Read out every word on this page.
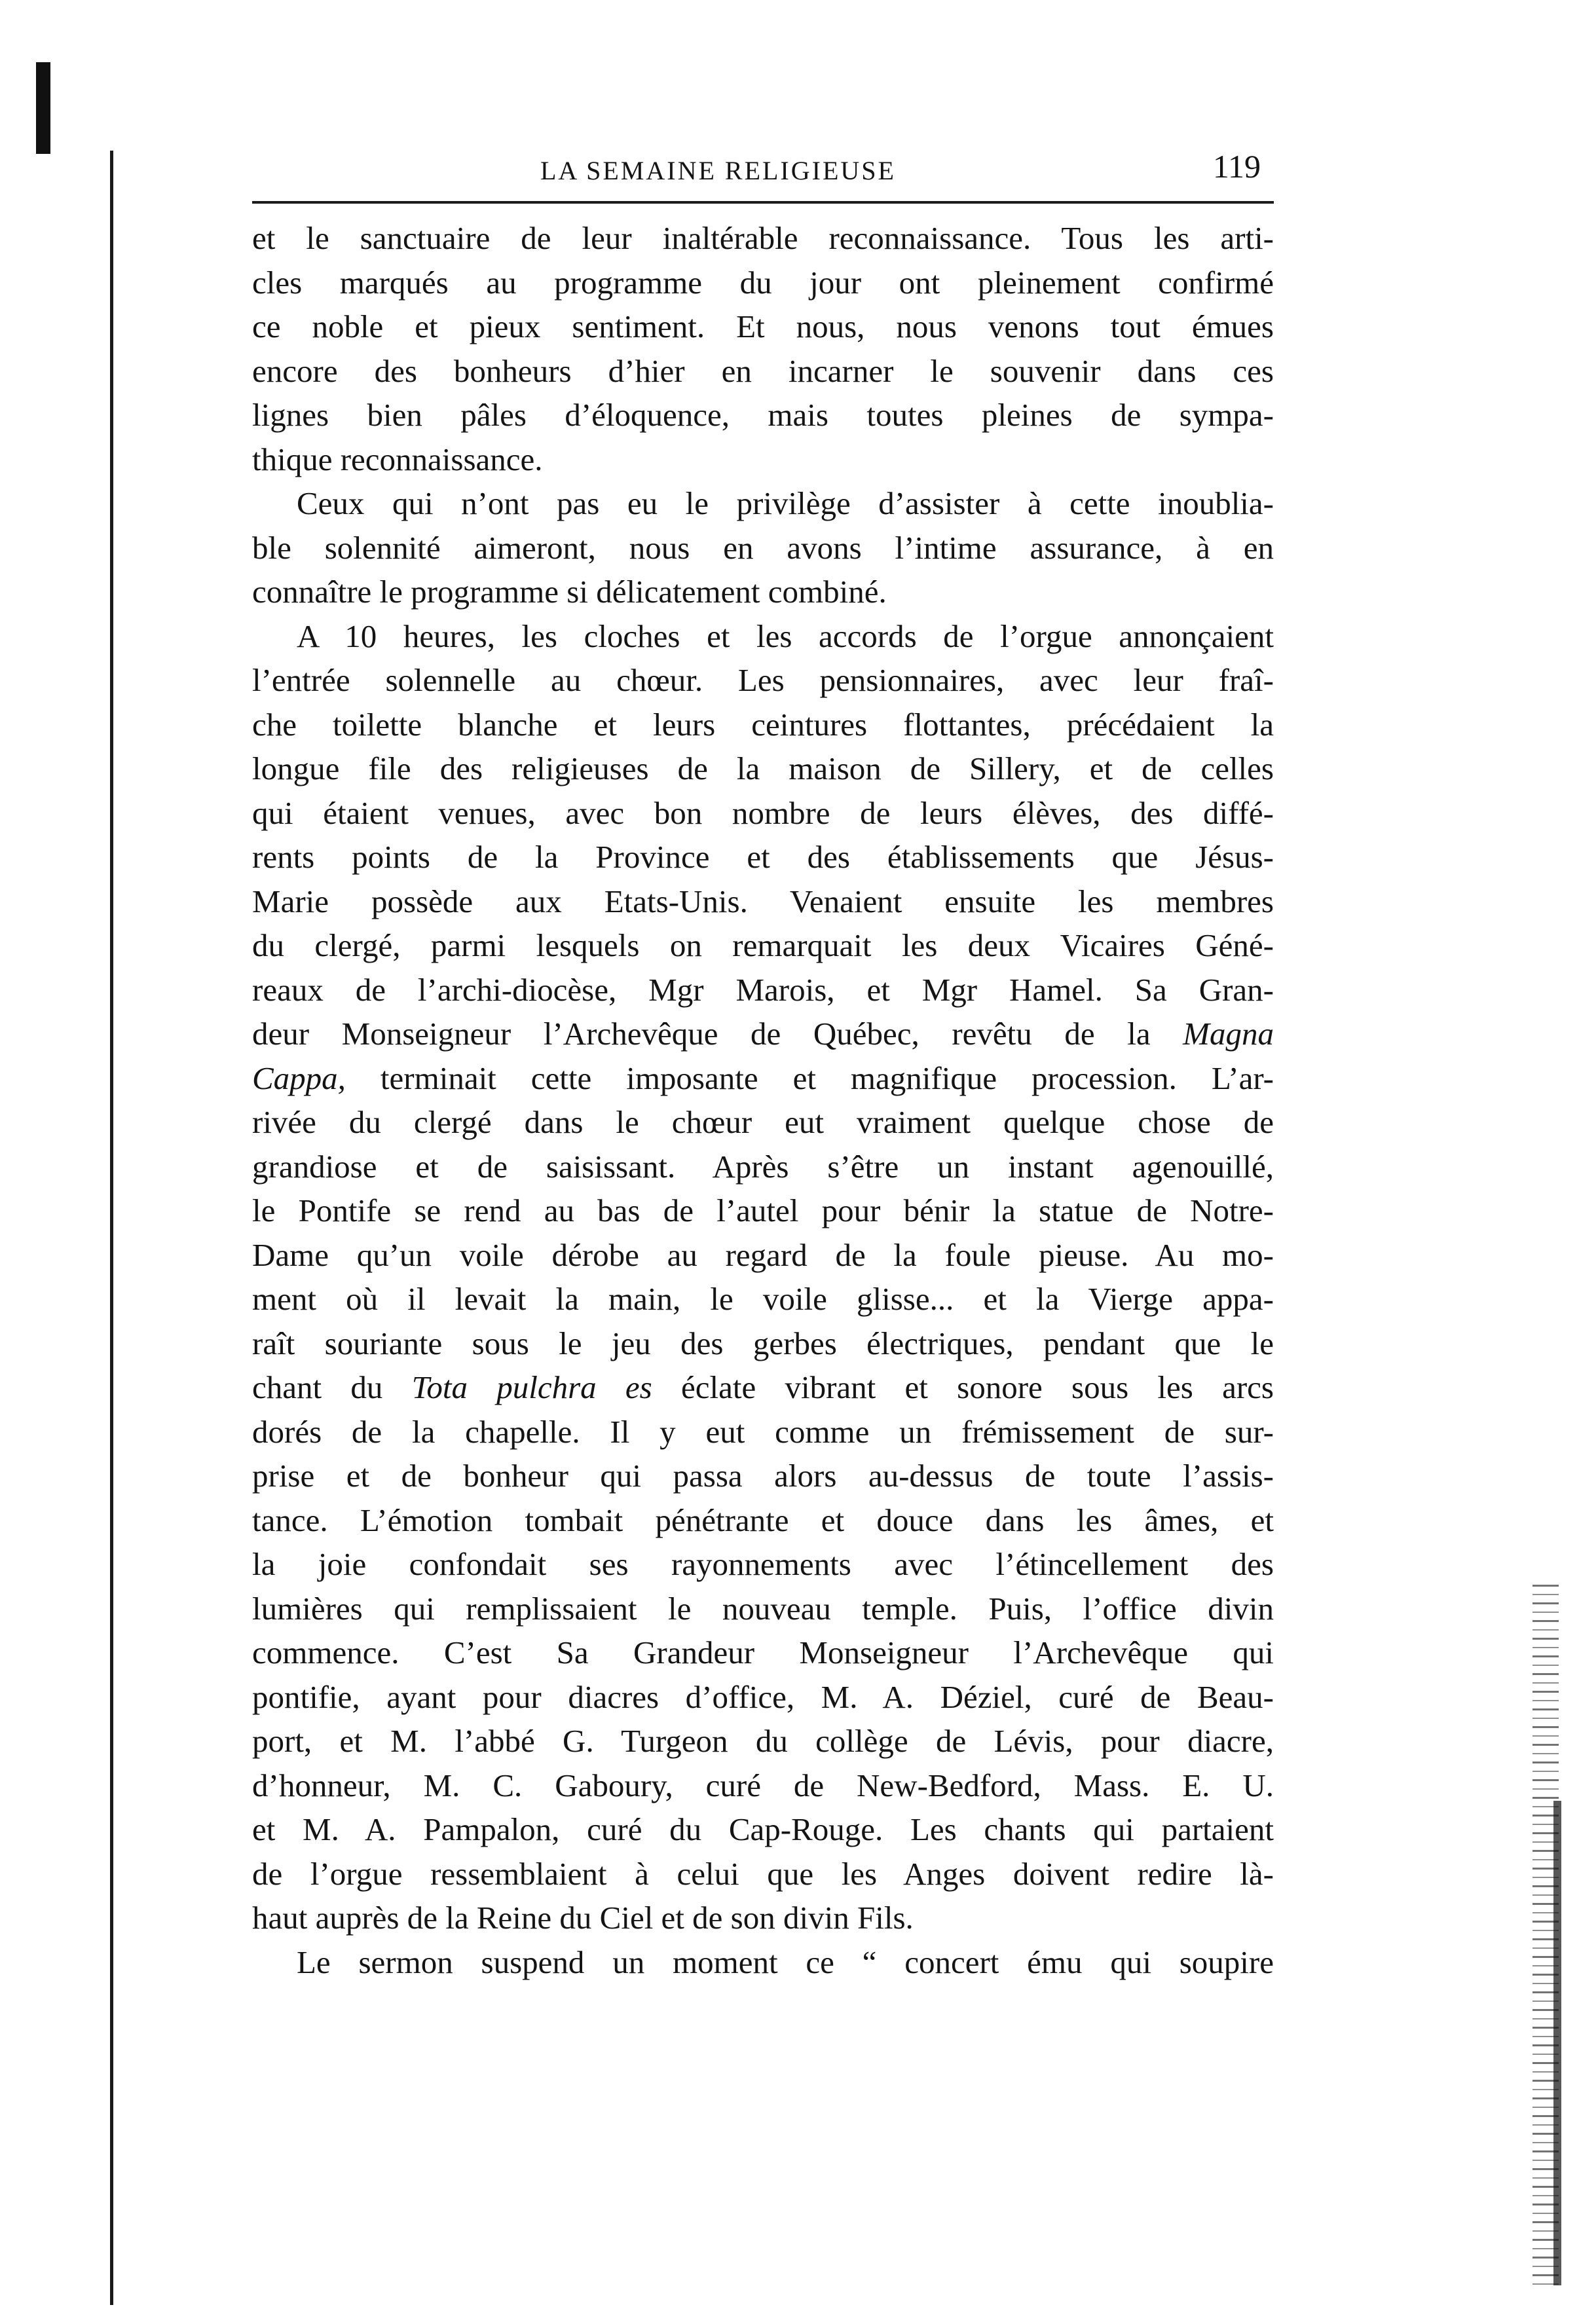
LA SEMAINE RELIGIEUSE	119
et le sanctuaire de leur inaltérable reconnaissance. Tous les arti-
cles marqués au programme du jour ont pleinement confirmé
ce noble et pieux sentiment. Et nous, nous venons tout émues
encore des bonheurs d’hier en incarner le souvenir dans ces
lignes bien pâles d’éloquence, mais toutes pleines de sympa-
thique reconnaissance.
Ceux qui n’ont pas eu le privilège d’assister à cette inoublia-
ble solennité aimeront, nous en avons l’intime assurance, à en
connaître le programme si délicatement combiné.
A 10 heures, les cloches et les accords de l’orgue annonçaient
l’entrée solennelle au chœur. Les pensionnaires, avec leur fraî-
che toilette blanche et leurs ceintures flottantes, précédaient la
longue file des religieuses de la maison de Sillery, et de celles
qui étaient venues, avec bon nombre de leurs élèves, des diffé-
rents points de la Province et des établissements que Jésus-
Marie possède aux Etats-Unis. Venaient ensuite les membres
du clergé, parmi lesquels on remarquait les deux Vicaires Géné-
reaux de l’archi-diocèse, Mgr Marois, et Mgr Hamel. Sa Gran-
deur Monseigneur l’Archevêque de Québec, revêtu de la Magna
Cappa, terminait cette imposante et magnifique procession. L’ar-
rivée du clergé dans le chœur eut vraiment quelque chose de
grandiose et de saisissant. Après s’être un instant agenouillé,
le Pontife se rend au bas de l’autel pour bénir la statue de Notre-
Dame qu’un voile dérobe au regard de la foule pieuse. Au mo-
ment où il levait la main, le voile glisse... et la Vierge appa-
raît souriante sous le jeu des gerbes électriques, pendant que le
chant du Tota pulchra es éclate vibrant et sonore sous les arcs
dorés de la chapelle. Il y eut comme un frémissement de sur-
prise et de bonheur qui passa alors au-dessus de toute l’assis-
tance. L’émotion tombait pénétrante et douce dans les âmes, et
la joie confondait ses rayonnements avec l’étincellement des
lumières qui remplissaient le nouveau temple. Puis, l’office divin
commence. C’est Sa Grandeur Monseigneur l’Archevêque qui
pontifie, ayant pour diacres d’office, M. A. Déziel, curé de Beau-
port, et M. l’abbé G. Turgeon du collège de Lévis, pour diacre,
d’honneur, M. C. Gaboury, curé de New-Bedford, Mass. E. U.
et M. A. Pampalon, curé du Cap-Rouge. Les chants qui partaient
de l’orgue ressemblaient à celui que les Anges doivent redire là-
haut auprès de la Reine du Ciel et de son divin Fils.
Le sermon suspend un moment ce “ concert ému qui soupire
